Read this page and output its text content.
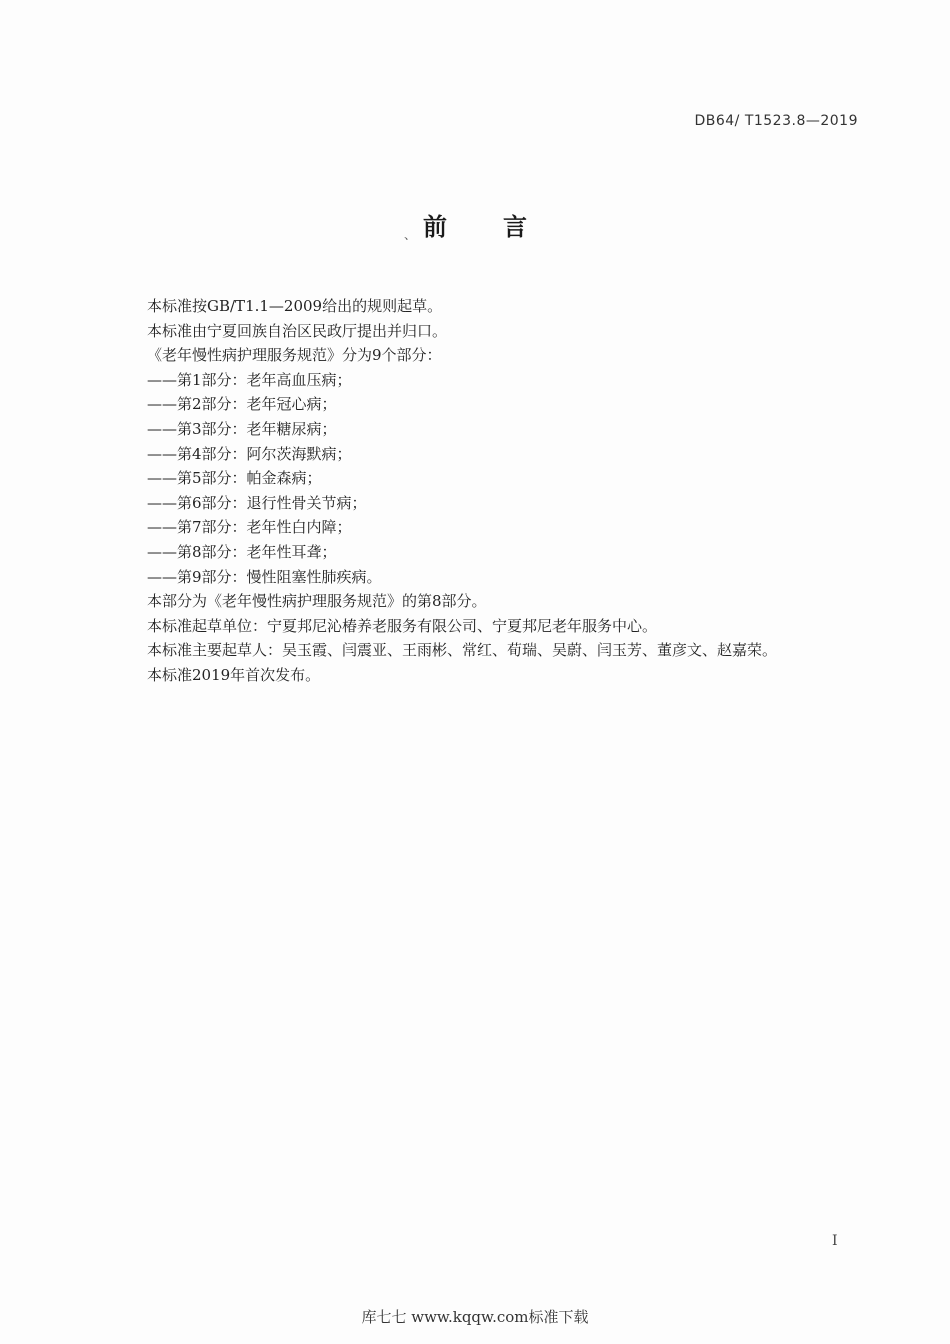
DB64/ T1523.8—2019
、 前 言
本标准按GB/T1.1—2009给出的规则起草。
本标准由宁夏回族自治区民政厅提出并归口。
《老年慢性病护理服务规范》分为9个部分：
——第1部分：老年高血压病；
——第2部分：老年冠心病；
——第3部分：老年糖尿病；
——第4部分：阿尔茨海默病；
——第5部分：帕金森病；
——第6部分：退行性骨关节病；
——第7部分：老年性白内障；
——第8部分：老年性耳聋；
——第9部分：慢性阻塞性肺疾病。
本部分为《老年慢性病护理服务规范》的第8部分。
本标准起草单位：宁夏邦尼沁椿养老服务有限公司、宁夏邦尼老年服务中心。
本标准主要起草人：吴玉霞、闫震亚、王雨彬、常红、荀瑞、吴蔚、闫玉芳、董彦文、赵嘉荣。
本标准2019年首次发布。
I
库七七 www.kqqw.com标准下载
